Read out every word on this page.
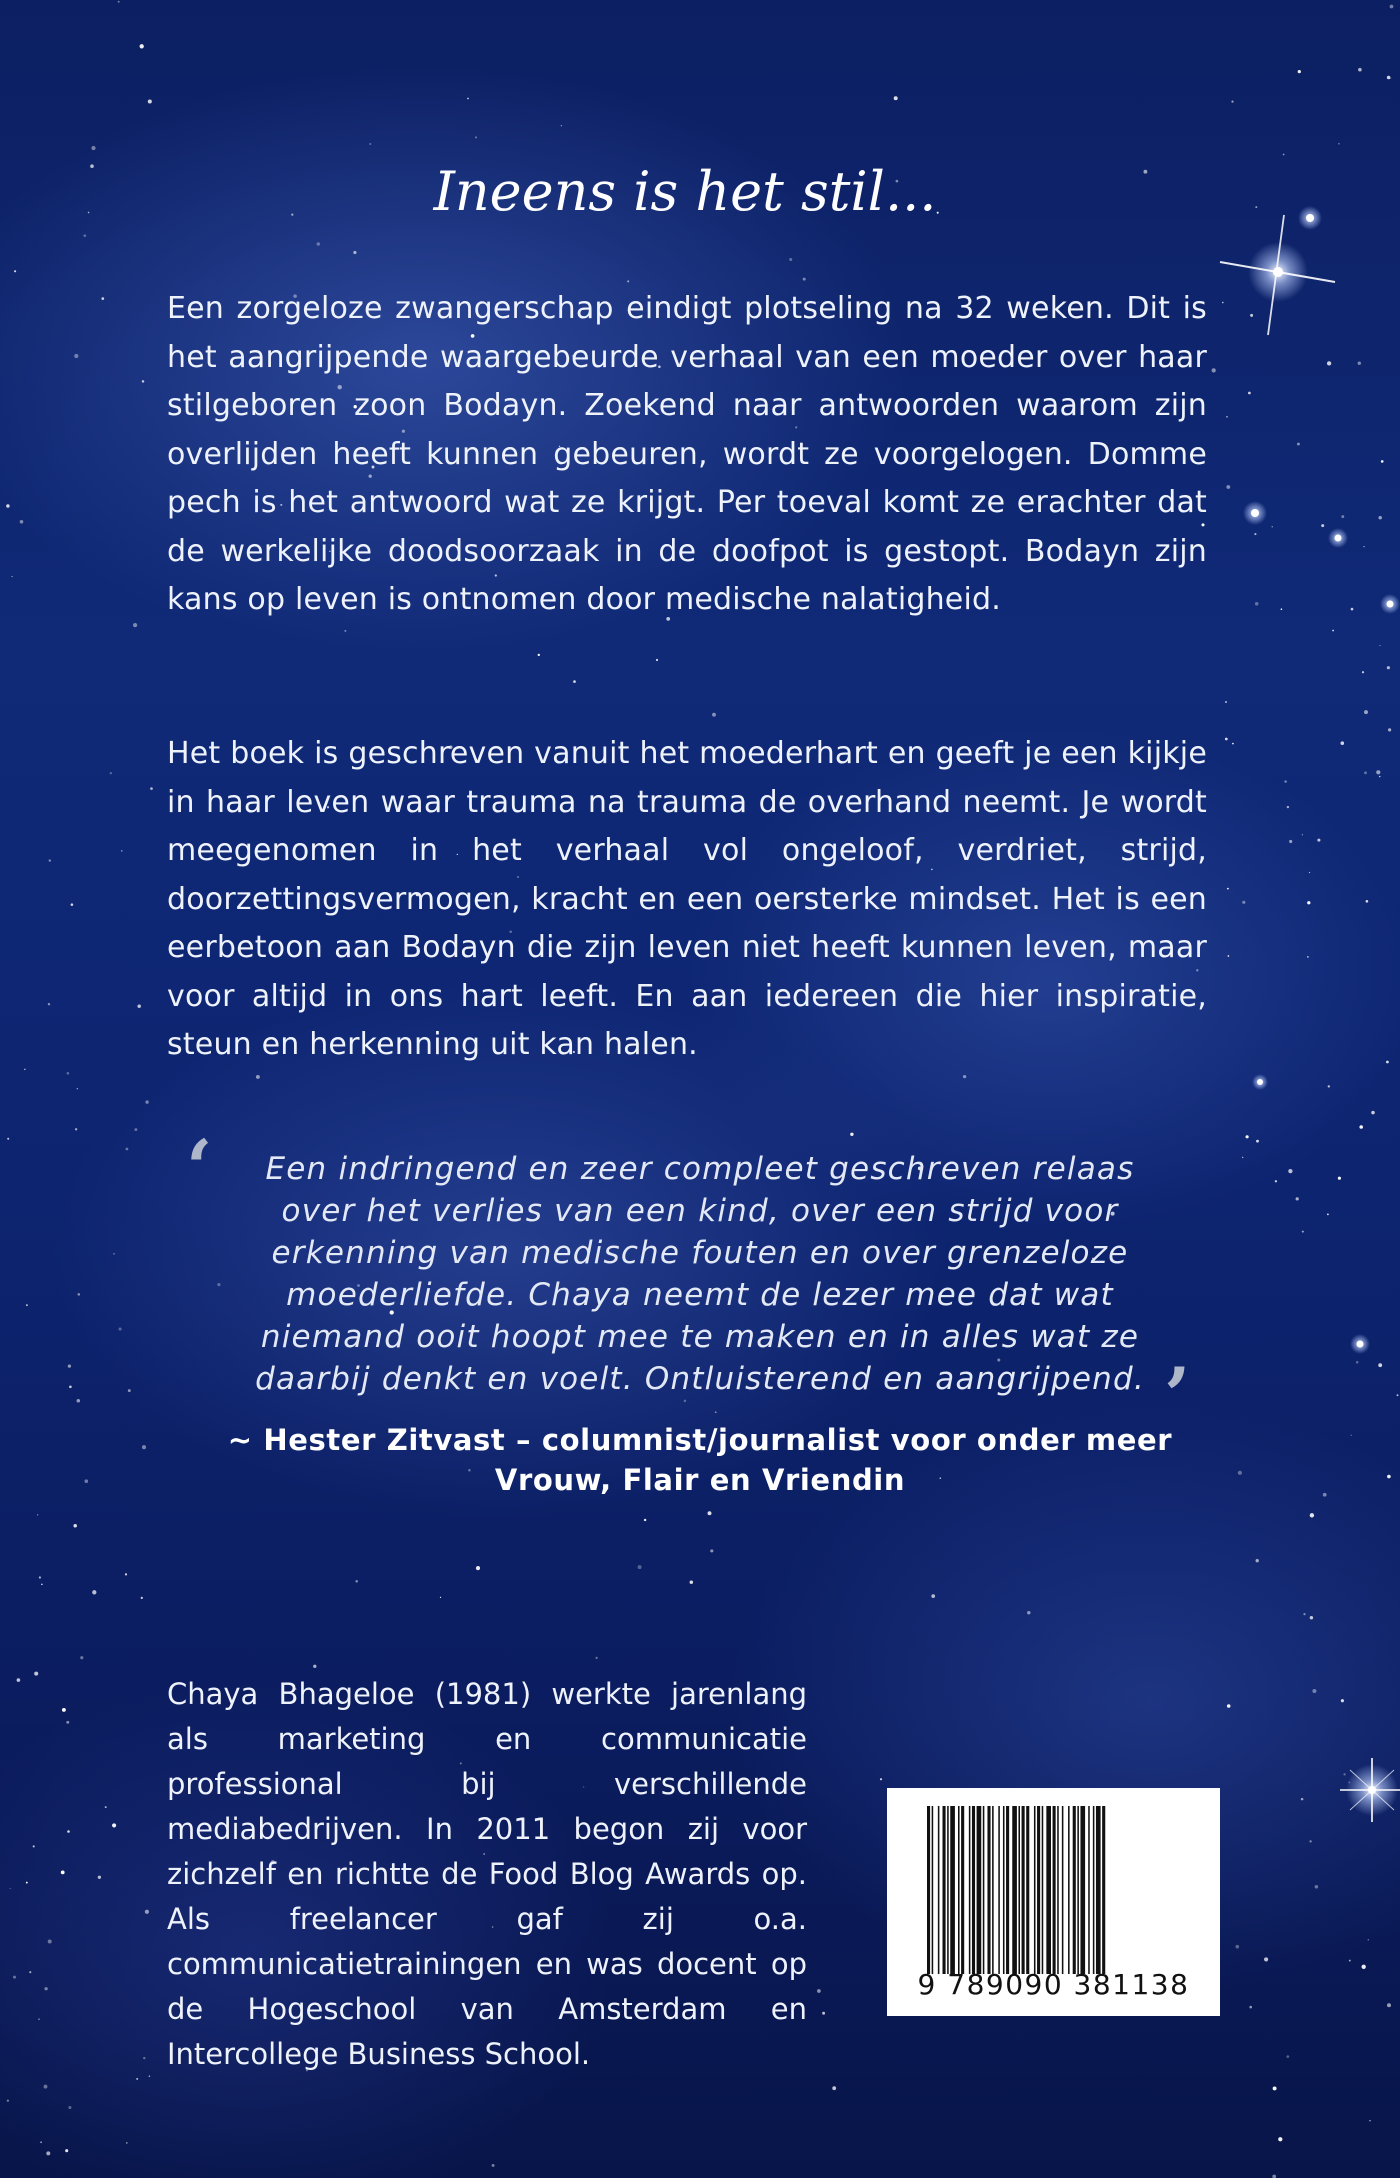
Ineens is het stil...

Een zorgeloze zwangerschap eindigt plotseling na 32 weken. Dit is het aangrijpende waargebeurde verhaal van een moeder over haar stilgeboren zoon Bodayn. Zoekend naar antwoorden waarom zijn overlijden heeft kunnen gebeuren, wordt ze voorgelogen. Domme pech is het antwoord wat ze krijgt. Per toeval komt ze erachter dat de werkelijke doodsoorzaak in de doofpot is gestopt. Bodayn zijn kans op leven is ontnomen door medische nalatigheid.

Het boek is geschreven vanuit het moederhart en geeft je een kijkje in haar leven waar trauma na trauma de overhand neemt. Je wordt meegenomen in het verhaal vol ongeloof, verdriet, strijd, doorzettingsvermogen, kracht en een oersterke mindset. Het is een eerbetoon aan Bodayn die zijn leven niet heeft kunnen leven, maar voor altijd in ons hart leeft. En aan iedereen die hier inspiratie, steun en herkenning uit kan halen.

‘	Een indringend en zeer compleet geschreven relaas
over het verlies van een kind, over een strijd voor
erkenning van medische fouten en over grenzeloze
moederliefde. Chaya neemt de lezer mee dat wat
niemand ooit hoopt mee te maken en in alles wat ze
daarbij denkt en voelt. Ontluisterend en aangrijpend. ’
~ Hester Zitvast – columnist/journalist voor onder meer
Vrouw, Flair en Vriendin

Chaya Bhageloe (1981) werkte jarenlang als marketing en communicatie professional bij verschillende mediabedrijven. In 2011 begon zij voor zichzelf en richtte de Food Blog Awards op. Als freelancer gaf zij o.a. communicatietrainingen en was docent op de Hogeschool van Amsterdam en Intercollege Business School.

9 789090 381138
